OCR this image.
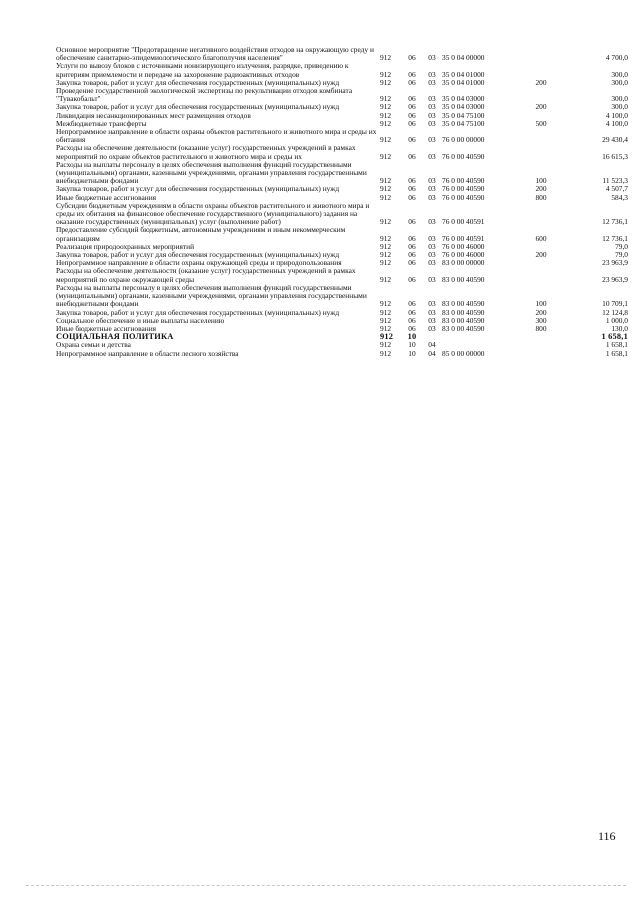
Основное мероприятие "Предотвращение негативного воздействия отходов на окружающую среду и обеспечение санитарно-эпидемиологического благополучия населения"	912	06	03	35 0 04 00000		4 700,0
Услуги по вывозу блоков с источниками ионизирующего излучения, разрядке, приведению к критериям приемлемости и передаче на захоронение радиоактивных отходов	912	06	03	35 0 04 01000		300,0
Закупка товаров, работ и услуг для обеспечения государственных (муниципальных) нужд	912	06	03	35 0 04 01000	200	300,0
Проведение государственной экологической экспертизы по рекультивации отходов комбината "Тувакобальт"	912	06	03	35 0 04 03000		300,0
Закупка товаров, работ и услуг для обеспечения государственных (муниципальных) нужд	912	06	03	35 0 04 03000	200	300,0
Ликвидация несанкционированных мест размещения отходов	912	06	03	35 0 04 75100		4 100,0
Межбюджетные трансферты	912	06	03	35 0 04 75100	500	4 100,0
Непрограммное направление в области охраны объектов растительного и животного мира и среды их обитания	912	06	03	76 0 00 00000		29 430,4
Расходы на обеспечение деятельности (оказание услуг) государственных учреждений в рамках мероприятий по охране объектов растительного и животного мира и среды их	912	06	03	76 0 00 40590		16 615,3
Расходы на выплаты персоналу в целях обеспечения выполнения функций государственными (муниципальными) органами, казенными учреждениями, органами управления государственными внебюджетными фондами	912	06	03	76 0 00 40590	100	11 523,3
Закупка товаров, работ и услуг для обеспечения государственных (муниципальных) нужд	912	06	03	76 0 00 40590	200	4 507,7
Иные бюджетные ассигнования	912	06	03	76 0 00 40590	800	584,3
Субсидии бюджетным учреждениям в области охраны объектов растительного и животного мира и среды их обитания на финансовое обеспечение государственного (муниципального) задания на оказание государственных (муниципальных) услуг (выполнение работ)	912	06	03	76 0 00 40591		12 736,1
Предоставление субсидий бюджетным, автономным учреждениям и иным некоммерческим организациям	912	06	03	76 0 00 40591	600	12 736,1
Реализация природоохранных мероприятий	912	06	03	76 0 00 46000		79,0
Закупка товаров, работ и услуг для обеспечения государственных (муниципальных) нужд	912	06	03	76 0 00 46000	200	79,0
Непрограммное направление в области охраны окружающей среды и природопользования	912	06	03	83 0 00 00000		23 963,9
Расходы на обеспечение деятельности (оказание услуг) государственных учреждений в рамках мероприятий по охране окружающей среды	912	06	03	83 0 00 40590		23 963,9
Расходы на выплаты персоналу в целях обеспечения выполнения функций государственными (муниципальными) органами, казенными учреждениями, органами управления государственными внебюджетными фондами	912	06	03	83 0 00 40590	100	10 709,1
Закупка товаров, работ и услуг для обеспечения государственных (муниципальных) нужд	912	06	03	83 0 00 40590	200	12 124,8
Социальное обеспечение и иные выплаты населению	912	06	03	83 0 00 40590	300	1 000,0
Иные бюджетные ассигнования	912	06	03	83 0 00 40590	800	130,0
СОЦИАЛЬНАЯ ПОЛИТИКА	912	10				1 658,1
Охрана семьи и детства	912	10	04			1 658,1
Непрограммное направление в области лесного хозяйства	912	10	04	85 0 00 00000		1 658,1
116
